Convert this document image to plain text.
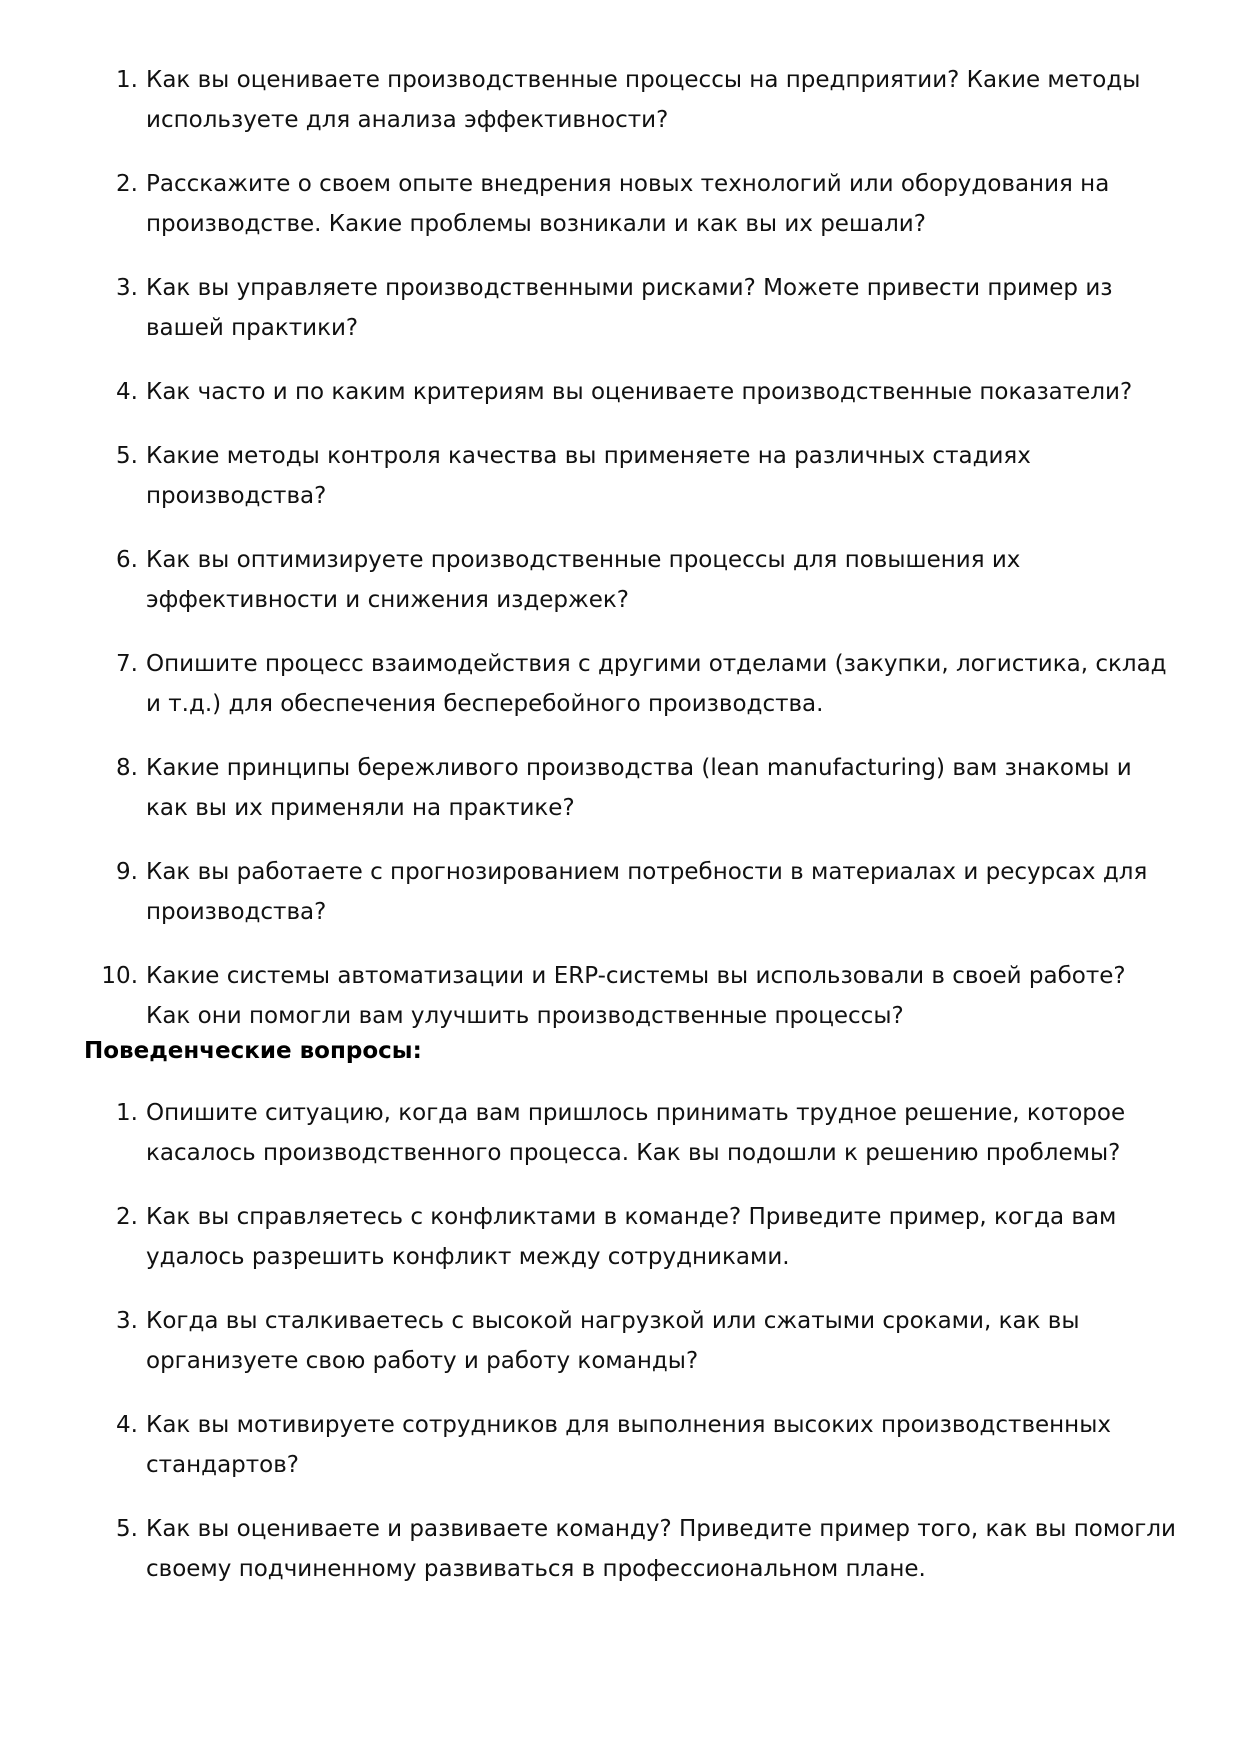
1. Как вы оцениваете производственные процессы на предприятии? Какие методы используете для анализа эффективности?
2. Расскажите о своем опыте внедрения новых технологий или оборудования на производстве. Какие проблемы возникали и как вы их решали?
3. Как вы управляете производственными рисками? Можете привести пример из вашей практики?
4. Как часто и по каким критериям вы оцениваете производственные показатели?
5. Какие методы контроля качества вы применяете на различных стадиях производства?
6. Как вы оптимизируете производственные процессы для повышения их эффективности и снижения издержек?
7. Опишите процесс взаимодействия с другими отделами (закупки, логистика, склад и т.д.) для обеспечения бесперебойного производства.
8. Какие принципы бережливого производства (lean manufacturing) вам знакомы и как вы их применяли на практике?
9. Как вы работаете с прогнозированием потребности в материалах и ресурсах для производства?
10. Какие системы автоматизации и ERP-системы вы использовали в своей работе? Как они помогли вам улучшить производственные процессы?
Поведенческие вопросы:
1. Опишите ситуацию, когда вам пришлось принимать трудное решение, которое касалось производственного процесса. Как вы подошли к решению проблемы?
2. Как вы справляетесь с конфликтами в команде? Приведите пример, когда вам удалось разрешить конфликт между сотрудниками.
3. Когда вы сталкиваетесь с высокой нагрузкой или сжатыми сроками, как вы организуете свою работу и работу команды?
4. Как вы мотивируете сотрудников для выполнения высоких производственных стандартов?
5. Как вы оцениваете и развиваете команду? Приведите пример того, как вы помогли своему подчиненному развиваться в профессиональном плане.
